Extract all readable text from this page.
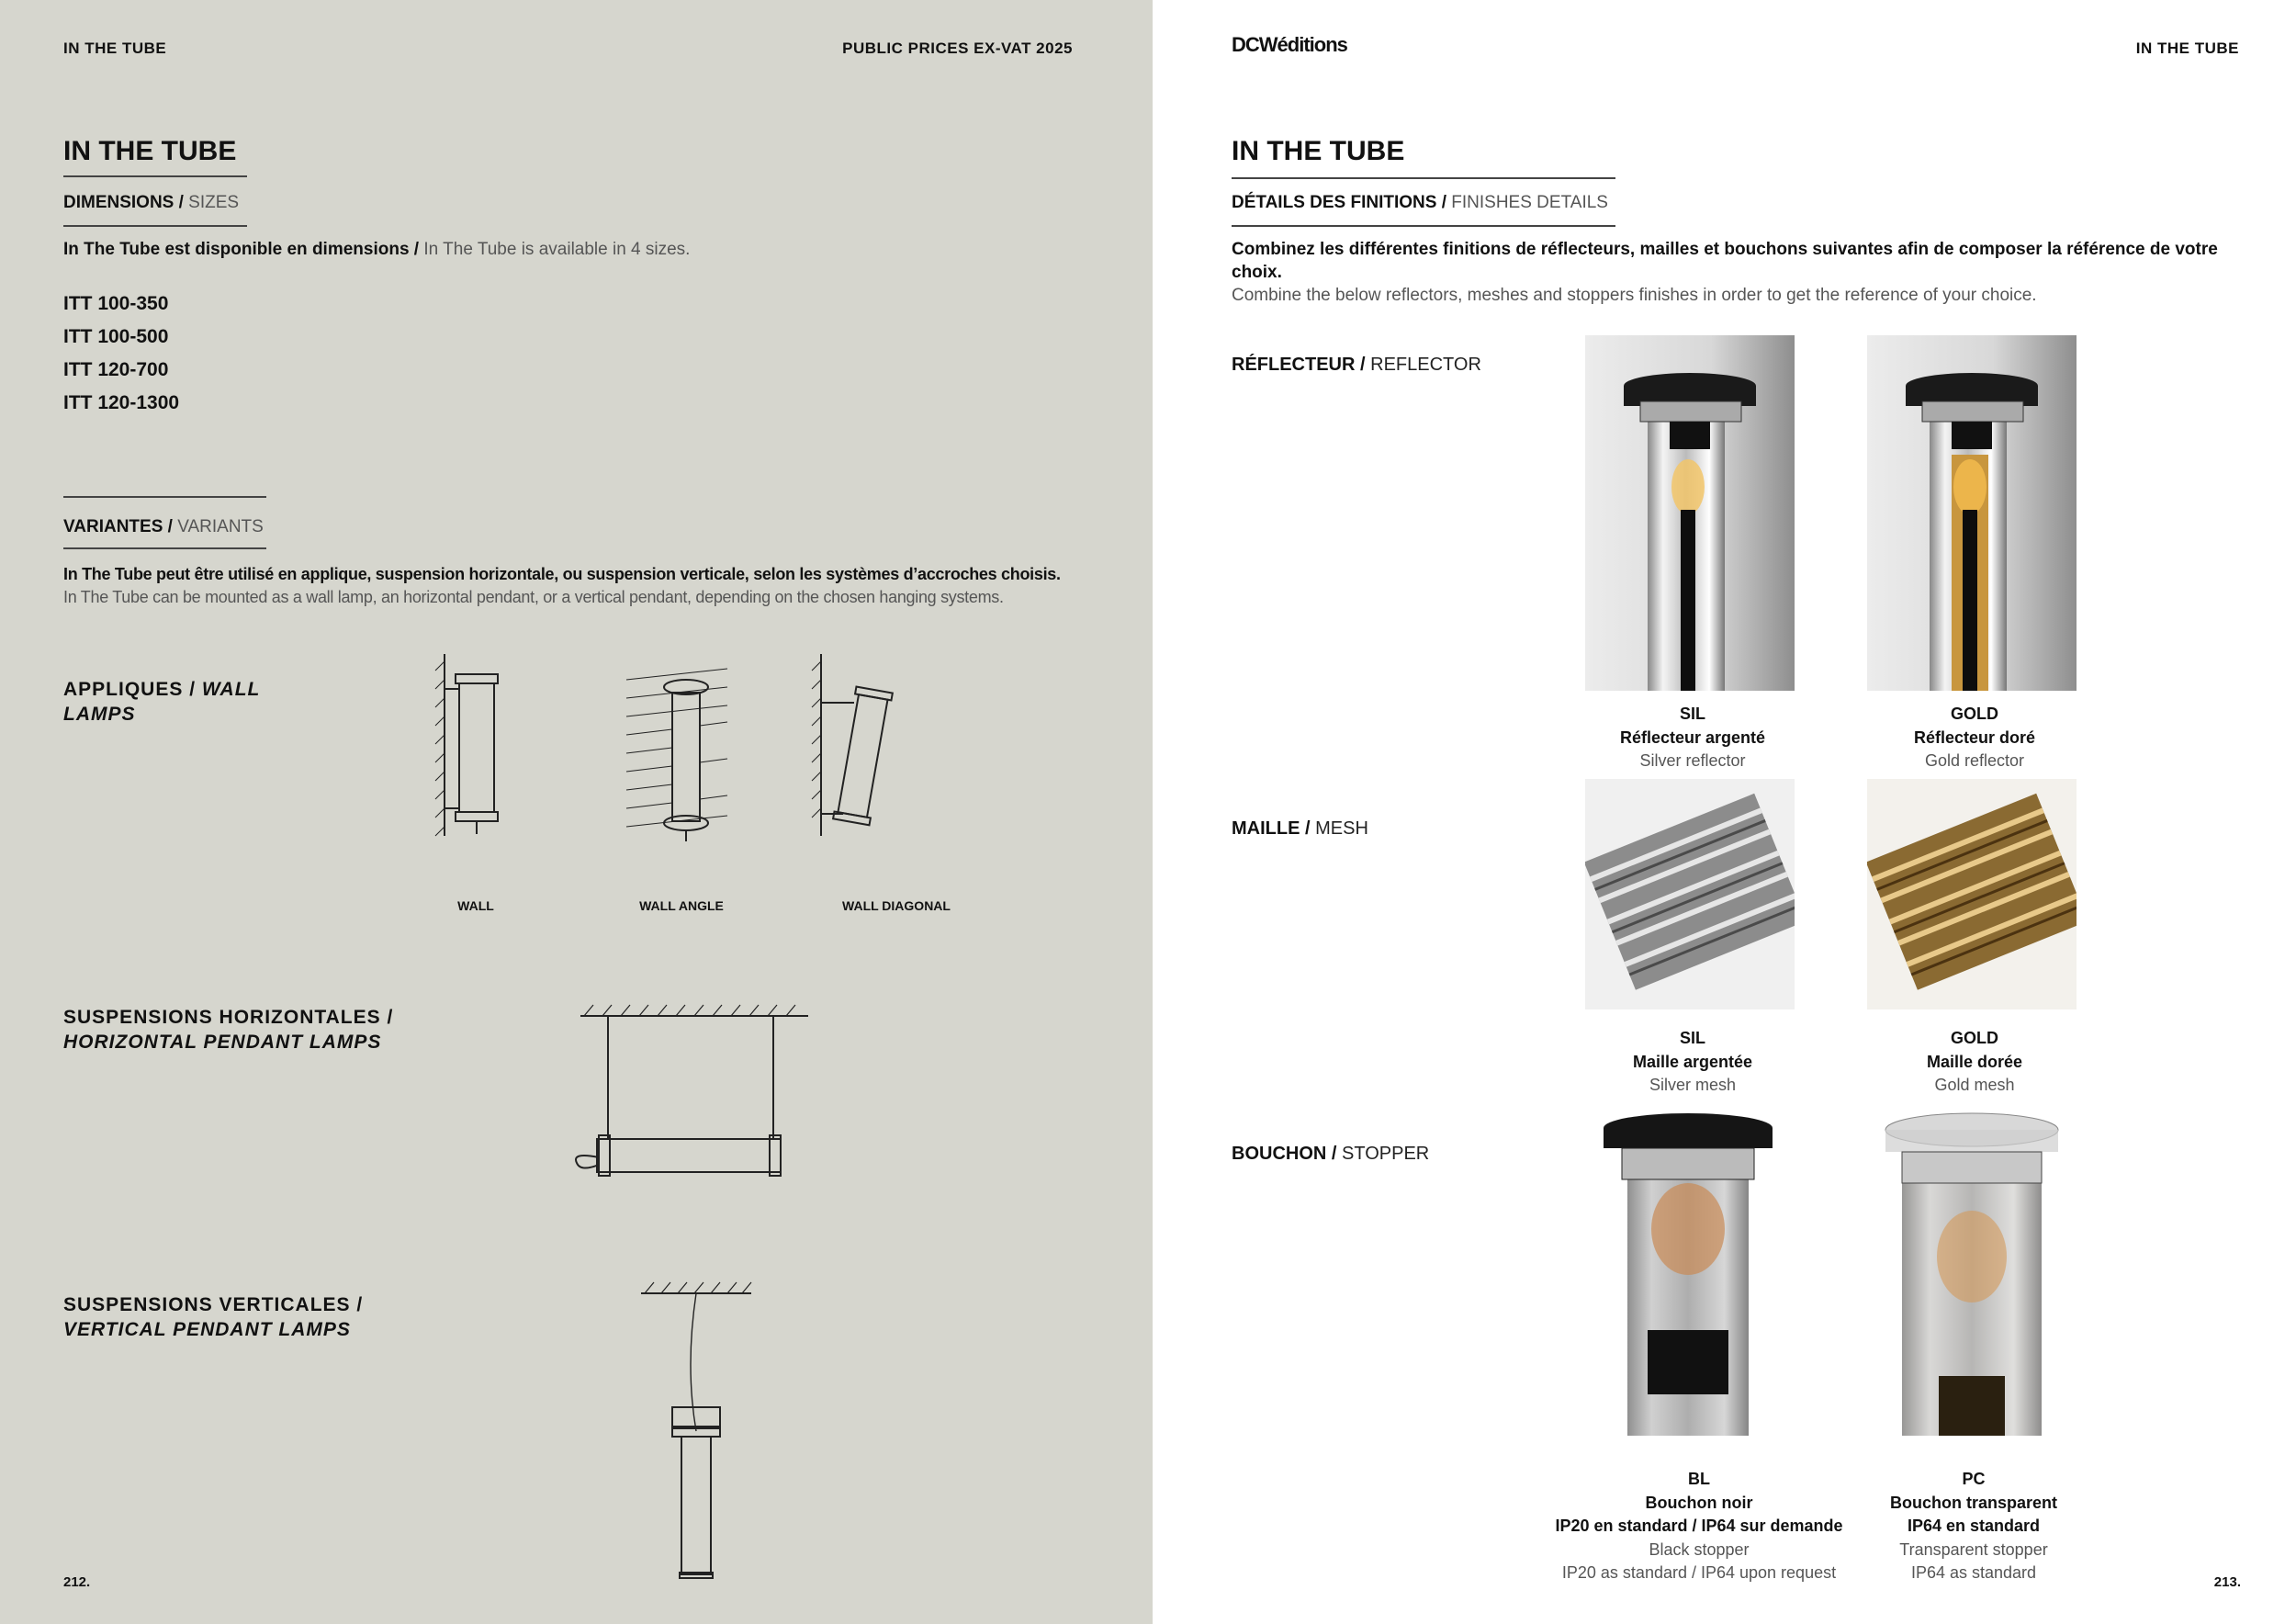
IN THE TUBE	PUBLIC PRICES EX-VAT 2025
IN THE TUBE
DIMENSIONS / SIZES
In The Tube est disponible en dimensions / In The Tube is available in 4 sizes.
ITT 100-350
ITT 100-500
ITT 120-700
ITT 120-1300
VARIANTES / VARIANTS
In The Tube peut être utilisé en applique, suspension horizontale, ou suspension verticale, selon les systèmes d’accroches choisis.
In The Tube can be mounted as a wall lamp, an horizontal pendant, or a vertical pendant, depending on the chosen hanging systems.
APPLIQUES / WALL LAMPS
WALL	WALL ANGLE	WALL DIAGONAL
SUSPENSIONS HORIZONTALES /
HORIZONTAL PENDANT LAMPS
SUSPENSIONS VERTICALES /
VERTICAL PENDANT LAMPS
212.
DCWéditions	IN THE TUBE
IN THE TUBE
DÉTAILS DES FINITIONS / FINISHES DETAILS
Combinez les différentes finitions de réflecteurs, mailles et bouchons suivantes afin de composer la référence de votre choix.
Combine the below reflectors, meshes and stoppers finishes in order to get the reference of your choice.
RÉFLECTEUR / REFLECTOR
MAILLE / MESH
BOUCHON / STOPPER
SIL
Réflecteur argenté
Silver reflector
GOLD
Réflecteur doré
Gold reflector
SIL
Maille argentée
Silver mesh
GOLD
Maille dorée
Gold mesh
BL
Bouchon noir
IP20 en standard / IP64 sur demande
Black stopper
IP20 as standard / IP64 upon request
PC
Bouchon transparent
IP64 en standard
Transparent stopper
IP64 as standard
213.
